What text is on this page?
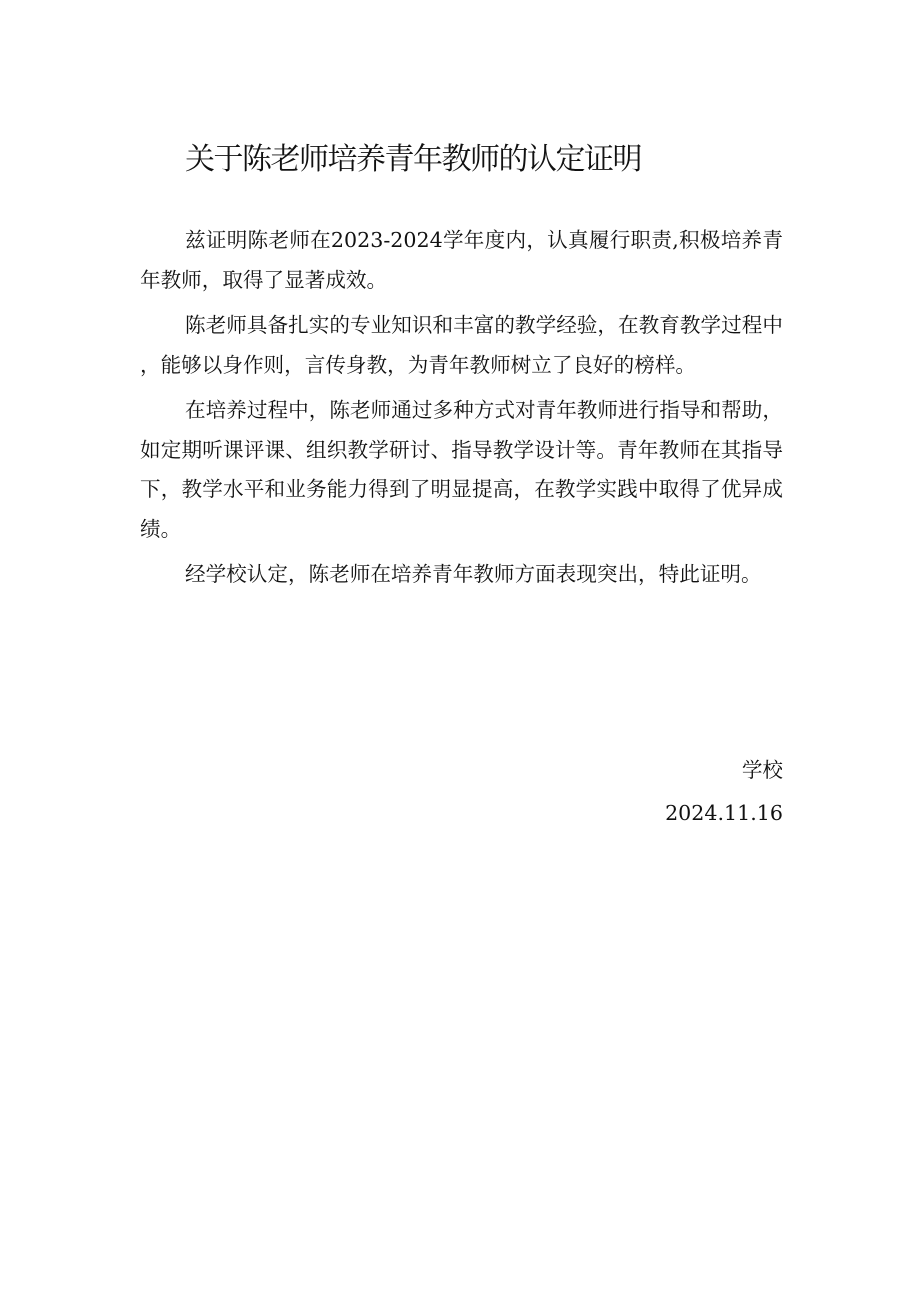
关于陈老师培养青年教师的认定证明

兹证明陈老师在2023-2024学年度内，认真履行职责,积极培养青年教师，取得了显著成效。

陈老师具备扎实的专业知识和丰富的教学经验，在教育教学过程中，能够以身作则，言传身教，为青年教师树立了良好的榜样。

在培养过程中，陈老师通过多种方式对青年教师进行指导和帮助，如定期听课评课、组织教学研讨、指导教学设计等。青年教师在其指导下，教学水平和业务能力得到了明显提高，在教学实践中取得了优异成绩。

经学校认定，陈老师在培养青年教师方面表现突出，特此证明。

学校
2024.11.16
